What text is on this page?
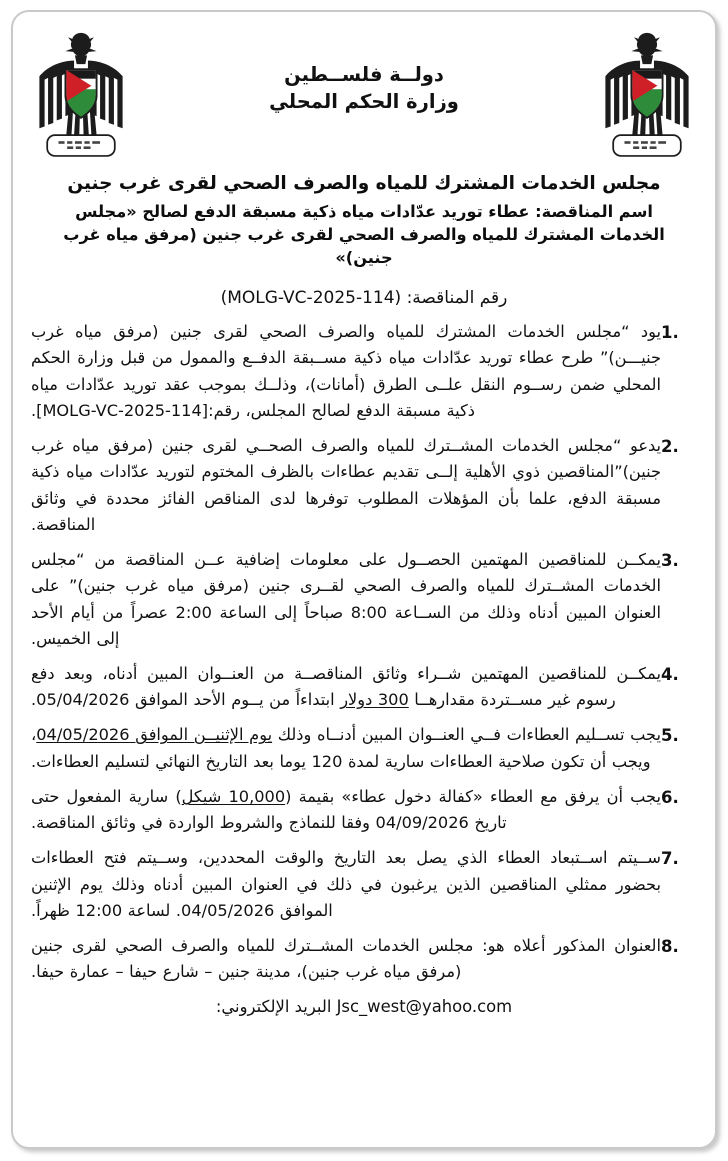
دولــة فلســطين
وزارة الحكم المحلي
مجلس الخدمات المشترك للمياه والصرف الصحي لقرى غرب جنين
اسم المناقصة: عطاء توريد عدّادات مياه ذكية مسبقة الدفع لصالح «مجلس الخدمات المشترك للمياه والصرف الصحي لقرى غرب جنين (مرفق مياه غرب جنين)»
رقم المناقصة: (MOLG-VC-2025-114)
1.
يود “مجلس الخدمات المشترك للمياه والصرف الصحي لقرى جنين (مرفق مياه غرب جنيـــن)” طرح عطاء توريد عدّادات مياه ذكية مســبقة الدفــع والممول من قبل وزارة الحكم المحلي ضمن رســوم النقل علــى الطرق (أمانات)، وذلــك بموجب عقد توريد عدّادات مياه ذكية مسبقة الدفع لصالح المجلس، رقم:[MOLG-VC-2025-114].
2.
يدعو “مجلس الخدمات المشــترك للمياه والصرف الصحــي لقرى جنين (مرفق مياه غرب جنين)”المناقصين ذوي الأهلية إلــى تقديم عطاءات بالظرف المختوم لتوريد عدّادات مياه ذكية مسبقة الدفع، علما بأن المؤهلات المطلوب توفرها لدى المناقص الفائز محددة في وثائق المناقصة.
3.
يمكــن للمناقصين المهتمين الحصــول على معلومات إضافية عــن المناقصة من “مجلس الخدمات المشــترك للمياه والصرف الصحي لقــرى جنين (مرفق مياه غرب جنين)” على العنوان المبين أدناه وذلك من الســاعة 8:00 صباحاً إلى الساعة 2:00 عصراً من أيام الأحد إلى الخميس.
4.
يمكــن للمناقصين المهتمين شــراء وثائق المناقصــة من العنــوان المبين أدناه، وبعد دفع رسوم غير مســتردة مقدارهــا 300 دولار ابتداءاً من يــوم الأحد الموافق 05/04/2026.
5.
يجب تســليم العطاءات فــي العنــوان المبين أدنــاه وذلك يوم الإثنيــن الموافق 04/05/2026، ويجب أن تكون صلاحية العطاءات سارية لمدة 120 يوما بعد التاريخ النهائي لتسليم العطاءات.
6.
يجب أن يرفق مع العطاء «كفالة دخول عطاء» بقيمة (10,000 شيكل) سارية المفعول حتى تاريخ 04/09/2026 وفقا للنماذج والشروط الواردة في وثائق المناقصة.
7.
ســيتم اســتبعاد العطاء الذي يصل بعد التاريخ والوقت المحددين، وســيتم فتح العطاءات بحضور ممثلي المناقصين الذين يرغبون في ذلك في العنوان المبين أدناه وذلك يوم الإثنين الموافق 04/05/2026. لساعة 12:00 ظهراً.
8.
العنوان المذكور أعلاه هو: مجلس الخدمات المشــترك للمياه والصرف الصحي لقرى جنين (مرفق مياه غرب جنين)، مدينة جنين – شارع حيفا – عمارة حيفا.
Jsc_west@yahoo.com البريد الإلكتروني:
